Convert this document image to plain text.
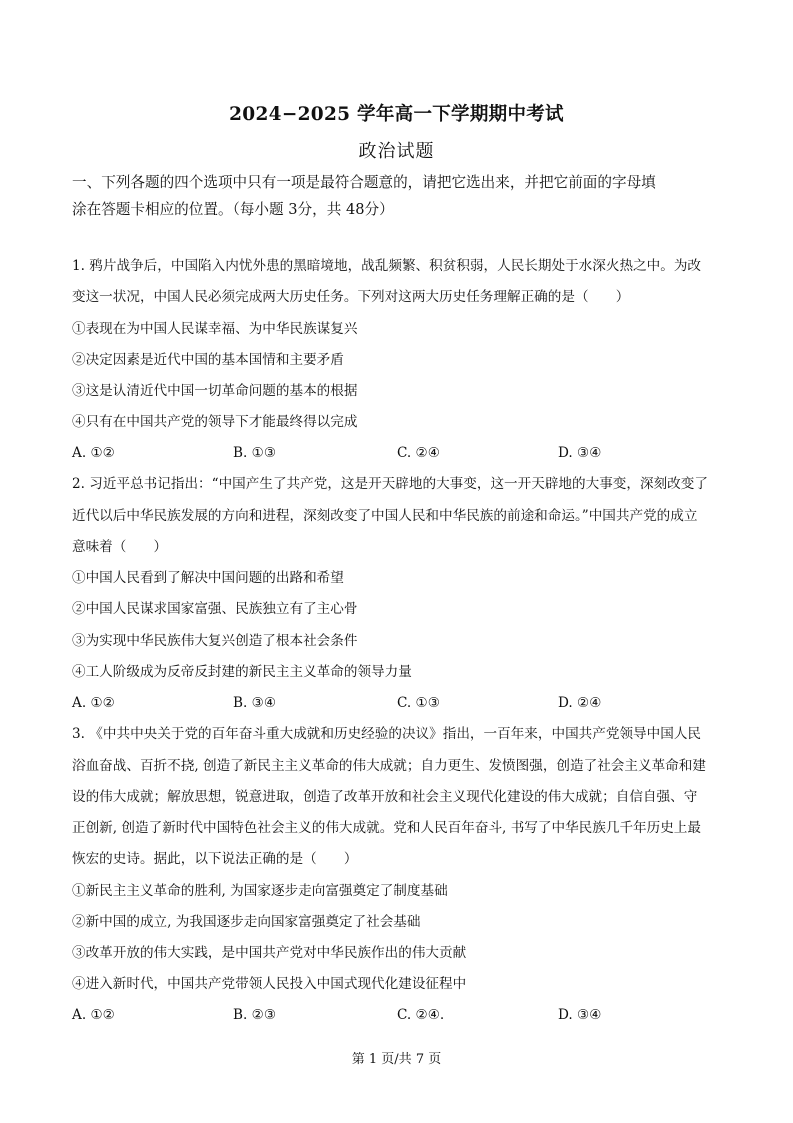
2024−2025 学年高一下学期期中考试
政治试题
一、下列各题的四个选项中只有一项是最符合题意的，请把它选出来，并把它前面的字母填
涂在答题卡相应的位置。（每小题 3分，共 48分）
1. 鸦片战争后，中国陷入内忧外患的黑暗境地，战乱频繁、积贫积弱，人民长期处于水深火热之中。为改
变这一状况，中国人民必须完成两大历史任务。下列对这两大历史任务理解正确的是（　　）
①表现在为中国人民谋幸福、为中华民族谋复兴
②决定因素是近代中国的基本国情和主要矛盾
③这是认清近代中国一切革命问题的基本的根据
④只有在中国共产党的领导下才能最终得以完成
A. ①②	B. ①③	C. ②④	D. ③④
2. 习近平总书记指出：“中国产生了共产党，这是开天辟地的大事变，这一开天辟地的大事变，深刻改变了
近代以后中华民族发展的方向和进程，深刻改变了中国人民和中华民族的前途和命运。”中国共产党的成立
意味着（　　）
①中国人民看到了解决中国问题的出路和希望
②中国人民谋求国家富强、民族独立有了主心骨
③为实现中华民族伟大复兴创造了根本社会条件
④工人阶级成为反帝反封建的新民主主义革命的领导力量
A. ①②	B. ③④	C. ①③	D. ②④
3. 《中共中央关于党的百年奋斗重大成就和历史经验的决议》指出，一百年来，中国共产党领导中国人民
浴血奋战、百折不挠, 创造了新民主主义革命的伟大成就；自力更生、发愤图强，创造了社会主义革命和建
设的伟大成就；解放思想，锐意进取，创造了改革开放和社会主义现代化建设的伟大成就；自信自强、守
正创新, 创造了新时代中国特色社会主义的伟大成就。党和人民百年奋斗, 书写了中华民族几千年历史上最
恢宏的史诗。据此，以下说法正确的是（　　）
①新民主主义革命的胜利, 为国家逐步走向富强奠定了制度基础
②新中国的成立, 为我国逐步走向国家富强奠定了社会基础
③改革开放的伟大实践，是中国共产党对中华民族作出的伟大贡献
④进入新时代，中国共产党带领人民投入中国式现代化建设征程中
A. ①②	B. ②③	C. ②④.	D. ③④
第 1 页/共 7 页
